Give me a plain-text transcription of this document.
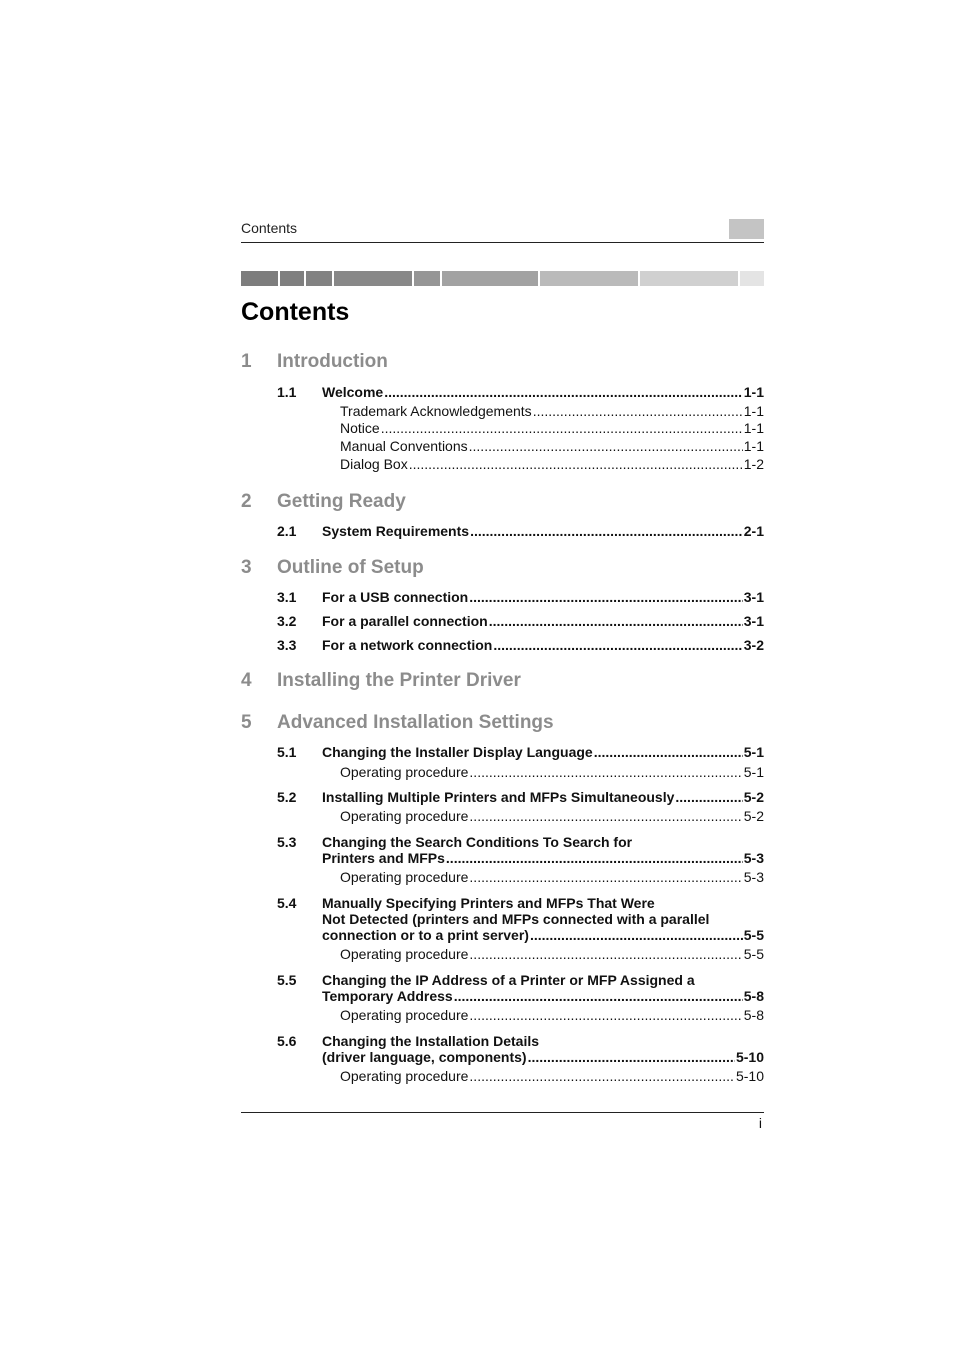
Contents
Contents
1 Introduction
1.1 Welcome .....	1-1
Trademark Acknowledgements .....	1-1
Notice .....	1-1
Manual Conventions .....	1-1
Dialog Box .....	1-2
2 Getting Ready
2.1 System Requirements .....	2-1
3 Outline of Setup
3.1 For a USB connection .....	3-1
3.2 For a parallel connection .....	3-1
3.3 For a network connection .....	3-2
4 Installing the Printer Driver
5 Advanced Installation Settings
5.1 Changing the Installer Display Language .....	5-1
Operating procedure .....	5-1
5.2 Installing Multiple Printers and MFPs Simultaneously .....	5-2
Operating procedure .....	5-2
5.3 Changing the Search Conditions To Search for
Printers and MFPs .....	5-3
Operating procedure .....	5-3
5.4 Manually Specifying Printers and MFPs That Were
Not Detected (printers and MFPs connected with a parallel
connection or to a print server) .....	5-5
Operating procedure .....	5-5
5.5 Changing the IP Address of a Printer or MFP Assigned a
Temporary Address .....	5-8
Operating procedure .....	5-8
5.6 Changing the Installation Details
(driver language, components) .....	5-10
Operating procedure .....	5-10
i
